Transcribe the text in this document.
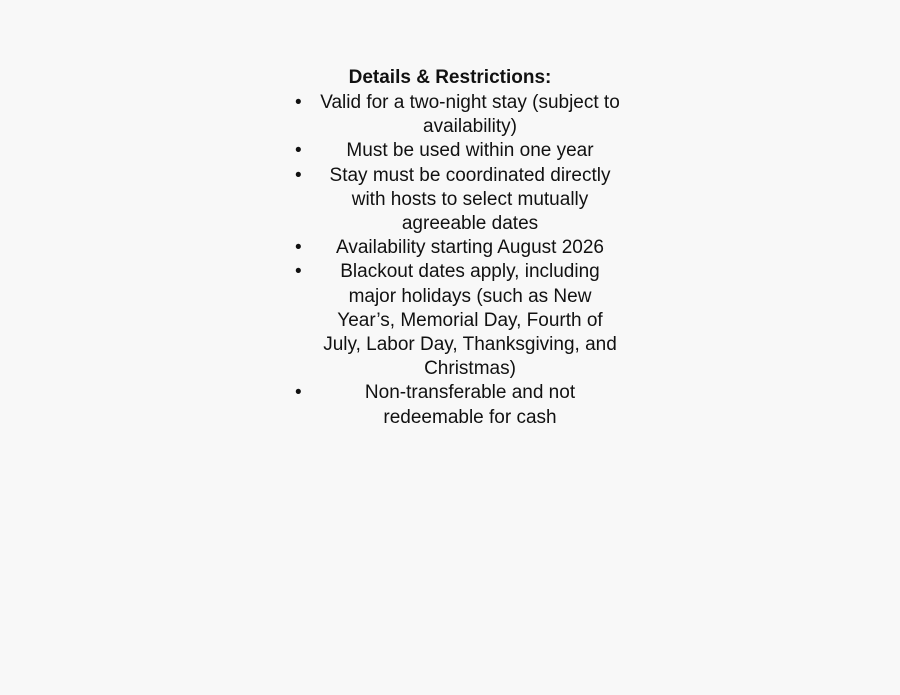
Details & Restrictions:
• Valid for a two-night stay (subject to availability)
• Must be used within one year
• Stay must be coordinated directly with hosts to select mutually agreeable dates
• Availability starting August 2026
• Blackout dates apply, including major holidays (such as New Year’s, Memorial Day, Fourth of July, Labor Day, Thanksgiving, and Christmas)
•	Non-transferable and not redeemable for cash
